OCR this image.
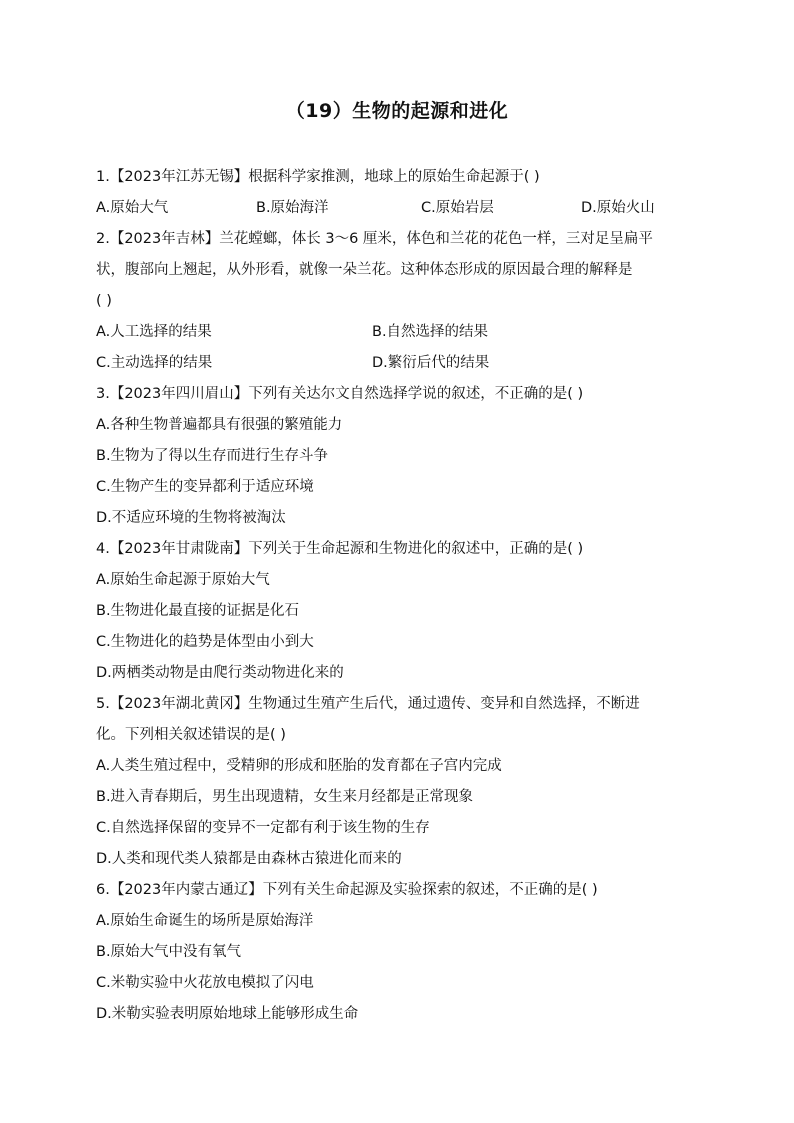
（19）生物的起源和进化
1.【2023年江苏无锡】根据科学家推测，地球上的原始生命起源于( )
A.原始大气	B.原始海洋	C.原始岩层	D.原始火山
2.【2023年吉林】兰花螳螂，体长 3～6 厘米，体色和兰花的花色一样，三对足呈扁平
状，腹部向上翘起，从外形看，就像一朵兰花。这种体态形成的原因最合理的解释是
( )
A.人工选择的结果	B.自然选择的结果
C.主动选择的结果	D.繁衍后代的结果
3.【2023年四川眉山】下列有关达尔文自然选择学说的叙述，不正确的是( )
A.各种生物普遍都具有很强的繁殖能力
B.生物为了得以生存而进行生存斗争
C.生物产生的变异都利于适应环境
D.不适应环境的生物将被淘汰
4.【2023年甘肃陇南】下列关于生命起源和生物进化的叙述中，正确的是( )
A.原始生命起源于原始大气
B.生物进化最直接的证据是化石
C.生物进化的趋势是体型由小到大
D.两栖类动物是由爬行类动物进化来的
5.【2023年湖北黄冈】生物通过生殖产生后代，通过遗传、变异和自然选择，不断进
化。下列相关叙述错误的是( )
A.人类生殖过程中，受精卵的形成和胚胎的发育都在子宫内完成
B.进入青春期后，男生出现遗精，女生来月经都是正常现象
C.自然选择保留的变异不一定都有利于该生物的生存
D.人类和现代类人猿都是由森林古猿进化而来的
6.【2023年内蒙古通辽】下列有关生命起源及实验探索的叙述，不正确的是( )
A.原始生命诞生的场所是原始海洋
B.原始大气中没有氧气
C.米勒实验中火花放电模拟了闪电
D.米勒实验表明原始地球上能够形成生命
